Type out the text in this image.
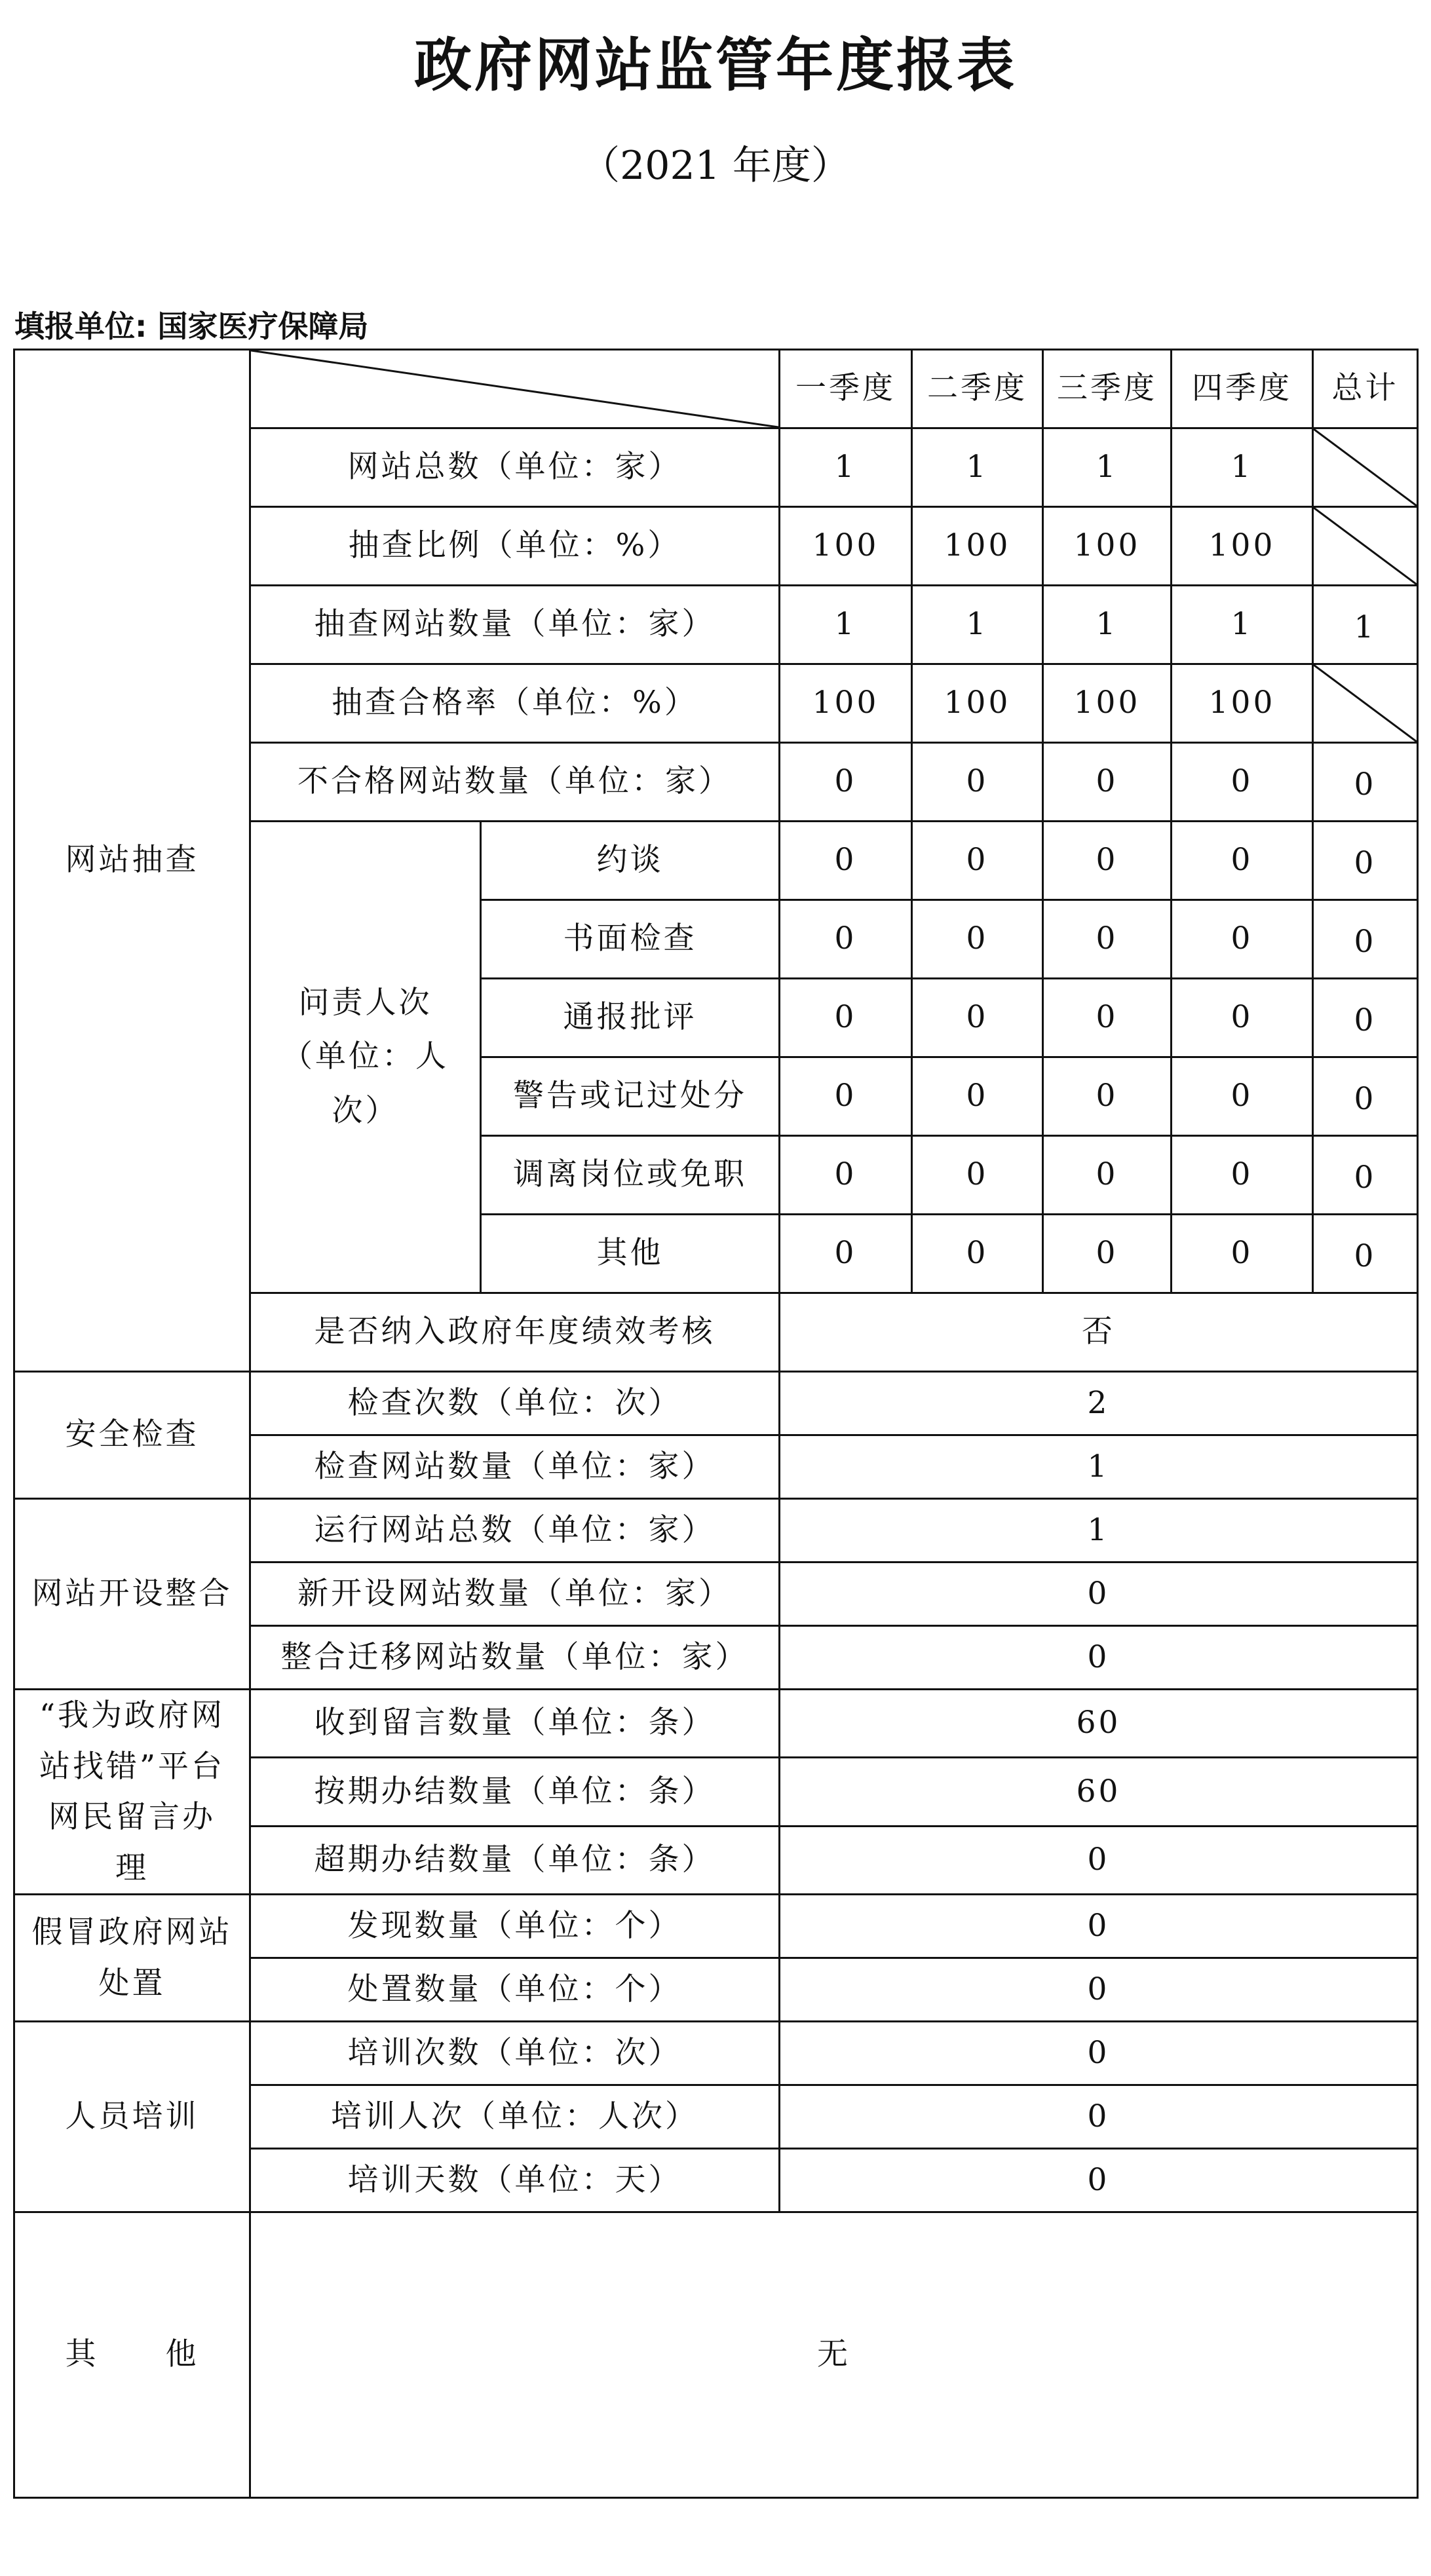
政府网站监管年度报表
（2021 年度）
填报单位: 国家医疗保障局
网站抽查			一季度	二季度	三季度	四季度	总计
	网站总数（单位：家）		1	1	1	1	

	抽查比例（单位：%）		100	100	100	100	

	抽查网站数量（单位：家）		1	1	1	1	1
	抽查合格率（单位：%）		100	100	100	100	

	不合格网站数量（单位：家）		0	0	0	0	0
	问责人次（单位：人次）	约谈	0	0	0	0	0
		书面检查	0	0	0	0	0
		通报批评	0	0	0	0	0
		警告或记过处分	0	0	0	0	0
		调离岗位或免职	0	0	0	0	0
		其他	0	0	0	0	0
	是否纳入政府年度绩效考核		否				
安全检查	检查次数（单位：次）		2				
	检查网站数量（单位：家）		1				
网站开设整合	运行网站总数（单位：家）		1				
	新开设网站数量（单位：家）		0				
	整合迁移网站数量（单位：家）		0				
“我为政府网站找错”平台网民留言办理	收到留言数量（单位：条）		60				
	按期办结数量（单位：条）		60				
	超期办结数量（单位：条）		0				
假冒政府网站处置	发现数量（单位：个）		0				
	处置数量（单位：个）		0				
人员培训	培训次数（单位：次）		0				
	培训人次（单位：人次）		0				
	培训天数（单位：天）		0				
其　　他	无						
